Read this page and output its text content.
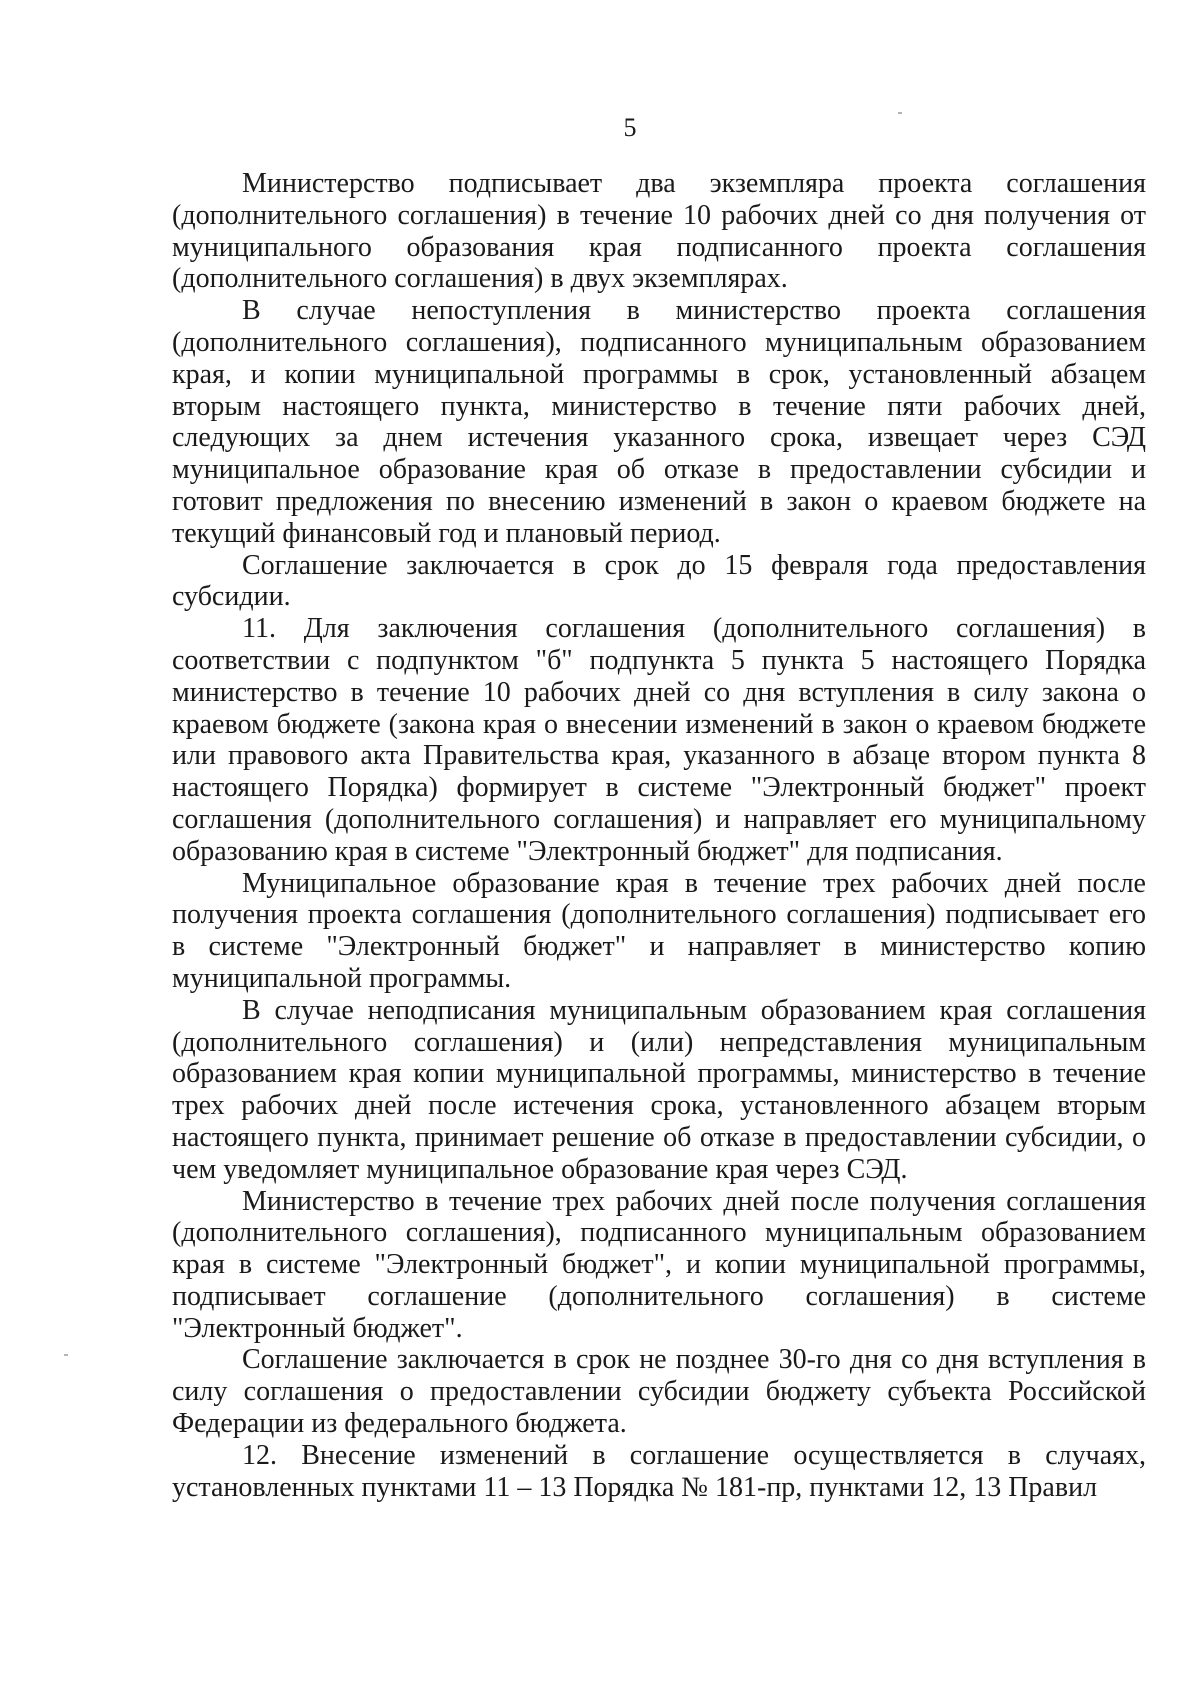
5

Министерство подписывает два экземпляра проекта соглашения (дополнительного соглашения) в течение 10 рабочих дней со дня получения от муниципального образования края подписанного проекта соглашения (дополнительного соглашения) в двух экземплярах.

В случае непоступления в министерство проекта соглашения (дополнительного соглашения), подписанного муниципальным образованием края, и копии муниципальной программы в срок, установленный абзацем вторым настоящего пункта, министерство в течение пяти рабочих дней, следующих за днем истечения указанного срока, извещает через СЭД муниципальное образование края об отказе в предоставлении субсидии и готовит предложения по внесению изменений в закон о краевом бюджете на текущий финансовый год и плановый период.

Соглашение заключается в срок до 15 февраля года предоставления субсидии.

11. Для заключения соглашения (дополнительного соглашения) в соответствии с подпунктом "б" подпункта 5 пункта 5 настоящего Порядка министерство в течение 10 рабочих дней со дня вступления в силу закона о краевом бюджете (закона края о внесении изменений в закон о краевом бюджете или правового акта Правительства края, указанного в абзаце втором пункта 8 настоящего Порядка) формирует в системе "Электронный бюджет" проект соглашения (дополнительного соглашения) и направляет его муниципальному образованию края в системе "Электронный бюджет" для подписания.

Муниципальное образование края в течение трех рабочих дней после получения проекта соглашения (дополнительного соглашения) подписывает его в системе "Электронный бюджет" и направляет в министерство копию муниципальной программы.

В случае неподписания муниципальным образованием края соглашения (дополнительного соглашения) и (или) непредставления муниципальным образованием края копии муниципальной программы, министерство в течение трех рабочих дней после истечения срока, установленного абзацем вторым настоящего пункта, принимает решение об отказе в предоставлении субсидии, о чем уведомляет муниципальное образование края через СЭД.

Министерство в течение трех рабочих дней после получения соглашения (дополнительного соглашения), подписанного муниципальным образованием края в системе "Электронный бюджет", и копии муниципальной программы, подписывает соглашение (дополнительного соглашения) в системе "Электронный бюджет".

Соглашение заключается в срок не позднее 30-го дня со дня вступления в силу соглашения о предоставлении субсидии бюджету субъекта Российской Федерации из федерального бюджета.

12. Внесение изменений в соглашение осуществляется в случаях, установленных пунктами 11 – 13 Порядка № 181-пр, пунктами 12, 13 Правил
